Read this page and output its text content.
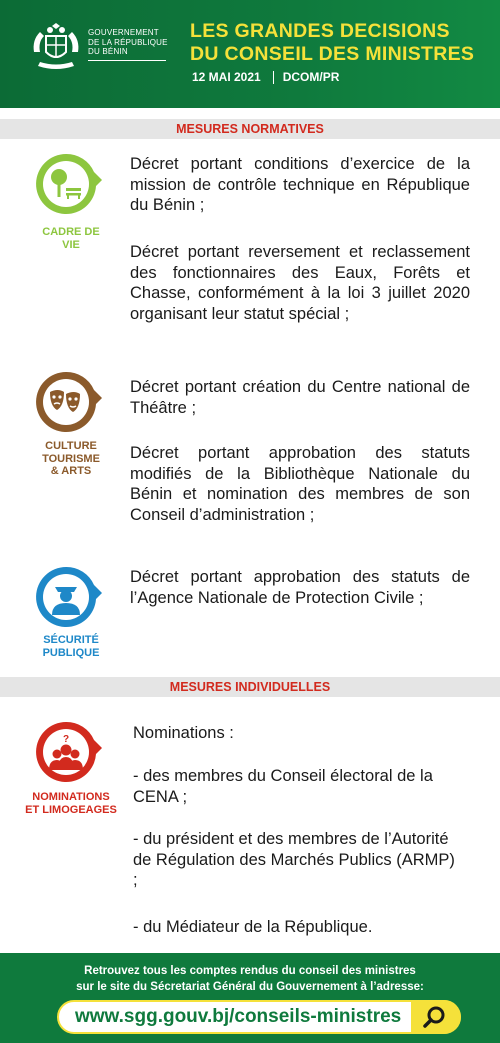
GOUVERNEMENT
DE LA RÉPUBLIQUE
DU BÉNIN
LES GRANDES DECISIONS
DU CONSEIL DES MINISTRES
12 MAI 2021 DCOM/PR
MESURES NORMATIVES
CADRE DE
VIE
Décret portant conditions d’exercice de la mission de contrôle technique en République du Bénin ;
Décret portant reversement et reclassement des fonctionnaires des Eaux, Forêts et Chasse, conformément à la loi 3 juillet 2020 organisant leur statut spécial ;
CULTURE
TOURISME
& ARTS
Décret portant création du Centre national de Théâtre ;
Décret portant approbation des statuts modifiés de la Bibliothèque Nationale du Bénin et nomination des membres de son Conseil d’administration ;
SÉCURITÉ
PUBLIQUE
Décret portant approbation des statuts de l’Agence Nationale de Protection Civile ;
MESURES INDIVIDUELLES
?
NOMINATIONS
ET LIMOGEAGES
Nominations :
- des membres du Conseil électoral de la CENA ;
- du président et des membres de l’Autorité de Régulation des Marchés Publics (ARMP) ;
- du Médiateur de la République.
Retrouvez tous les comptes rendus du conseil des ministres
sur le site du Sécretariat Général du Gouvernement à l’adresse:
www.sgg.gouv.bj/conseils-ministres
